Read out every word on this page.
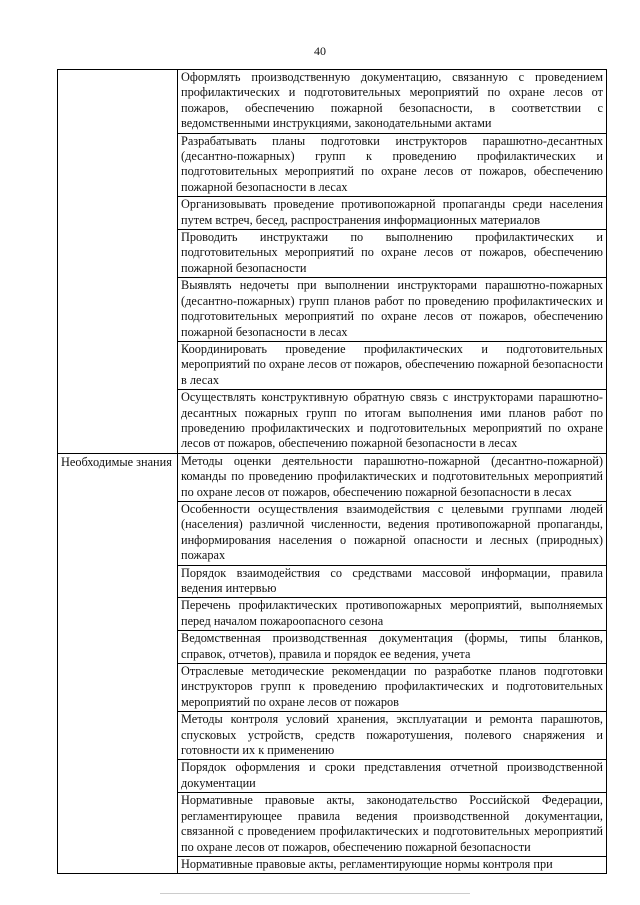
40
	Оформлять производственную документацию, связанную с проведением профилактических и подготовительных мероприятий по охране лесов от пожаров, обеспечению пожарной безопасности, в соответствии с ведомственными инструкциями, законодательными актами
	Разрабатывать планы подготовки инструкторов парашютно-десантных (десантно-пожарных) групп к проведению профилактических и подготовительных мероприятий по охране лесов от пожаров, обеспечению пожарной безопасности в лесах
	Организовывать проведение противопожарной пропаганды среди населения путем встреч, бесед, распространения информационных материалов
	Проводить инструктажи по выполнению профилактических и подготовительных мероприятий по охране лесов от пожаров, обеспечению пожарной безопасности
	Выявлять недочеты при выполнении инструкторами парашютно-пожарных (десантно-пожарных) групп планов работ по проведению профилактических и подготовительных мероприятий по охране лесов от пожаров, обеспечению пожарной безопасности в лесах
	Координировать проведение профилактических и подготовительных мероприятий по охране лесов от пожаров, обеспечению пожарной безопасности в лесах
	Осуществлять конструктивную обратную связь с инструкторами парашютно-десантных пожарных групп по итогам выполнения ими планов работ по проведению профилактических и подготовительных мероприятий по охране лесов от пожаров, обеспечению пожарной безопасности в лесах
Необходимые знания	Методы оценки деятельности парашютно-пожарной (десантно-пожарной) команды по проведению профилактических и подготовительных мероприятий по охране лесов от пожаров, обеспечению пожарной безопасности в лесах
	Особенности осуществления взаимодействия с целевыми группами людей (населения) различной численности, ведения противопожарной пропаганды, информирования населения о пожарной опасности и лесных (природных) пожарах
	Порядок взаимодействия со средствами массовой информации, правила ведения интервью
	Перечень профилактических противопожарных мероприятий, выполняемых перед началом пожароопасного сезона
	Ведомственная производственная документация (формы, типы бланков, справок, отчетов), правила и порядок ее ведения, учета
	Отраслевые методические рекомендации по разработке планов подготовки инструкторов групп к проведению профилактических и подготовительных мероприятий по охране лесов от пожаров
	Методы контроля условий хранения, эксплуатации и ремонта парашютов, спусковых устройств, средств пожаротушения, полевого снаряжения и готовности их к применению
	Порядок оформления и сроки представления отчетной производственной документации
	Нормативные правовые акты, законодательство Российской Федерации, регламентирующее правила ведения производственной документации, связанной с проведением профилактических и подготовительных мероприятий по охране лесов от пожаров, обеспечению пожарной безопасности
	Нормативные правовые акты, регламентирующие нормы контроля при
